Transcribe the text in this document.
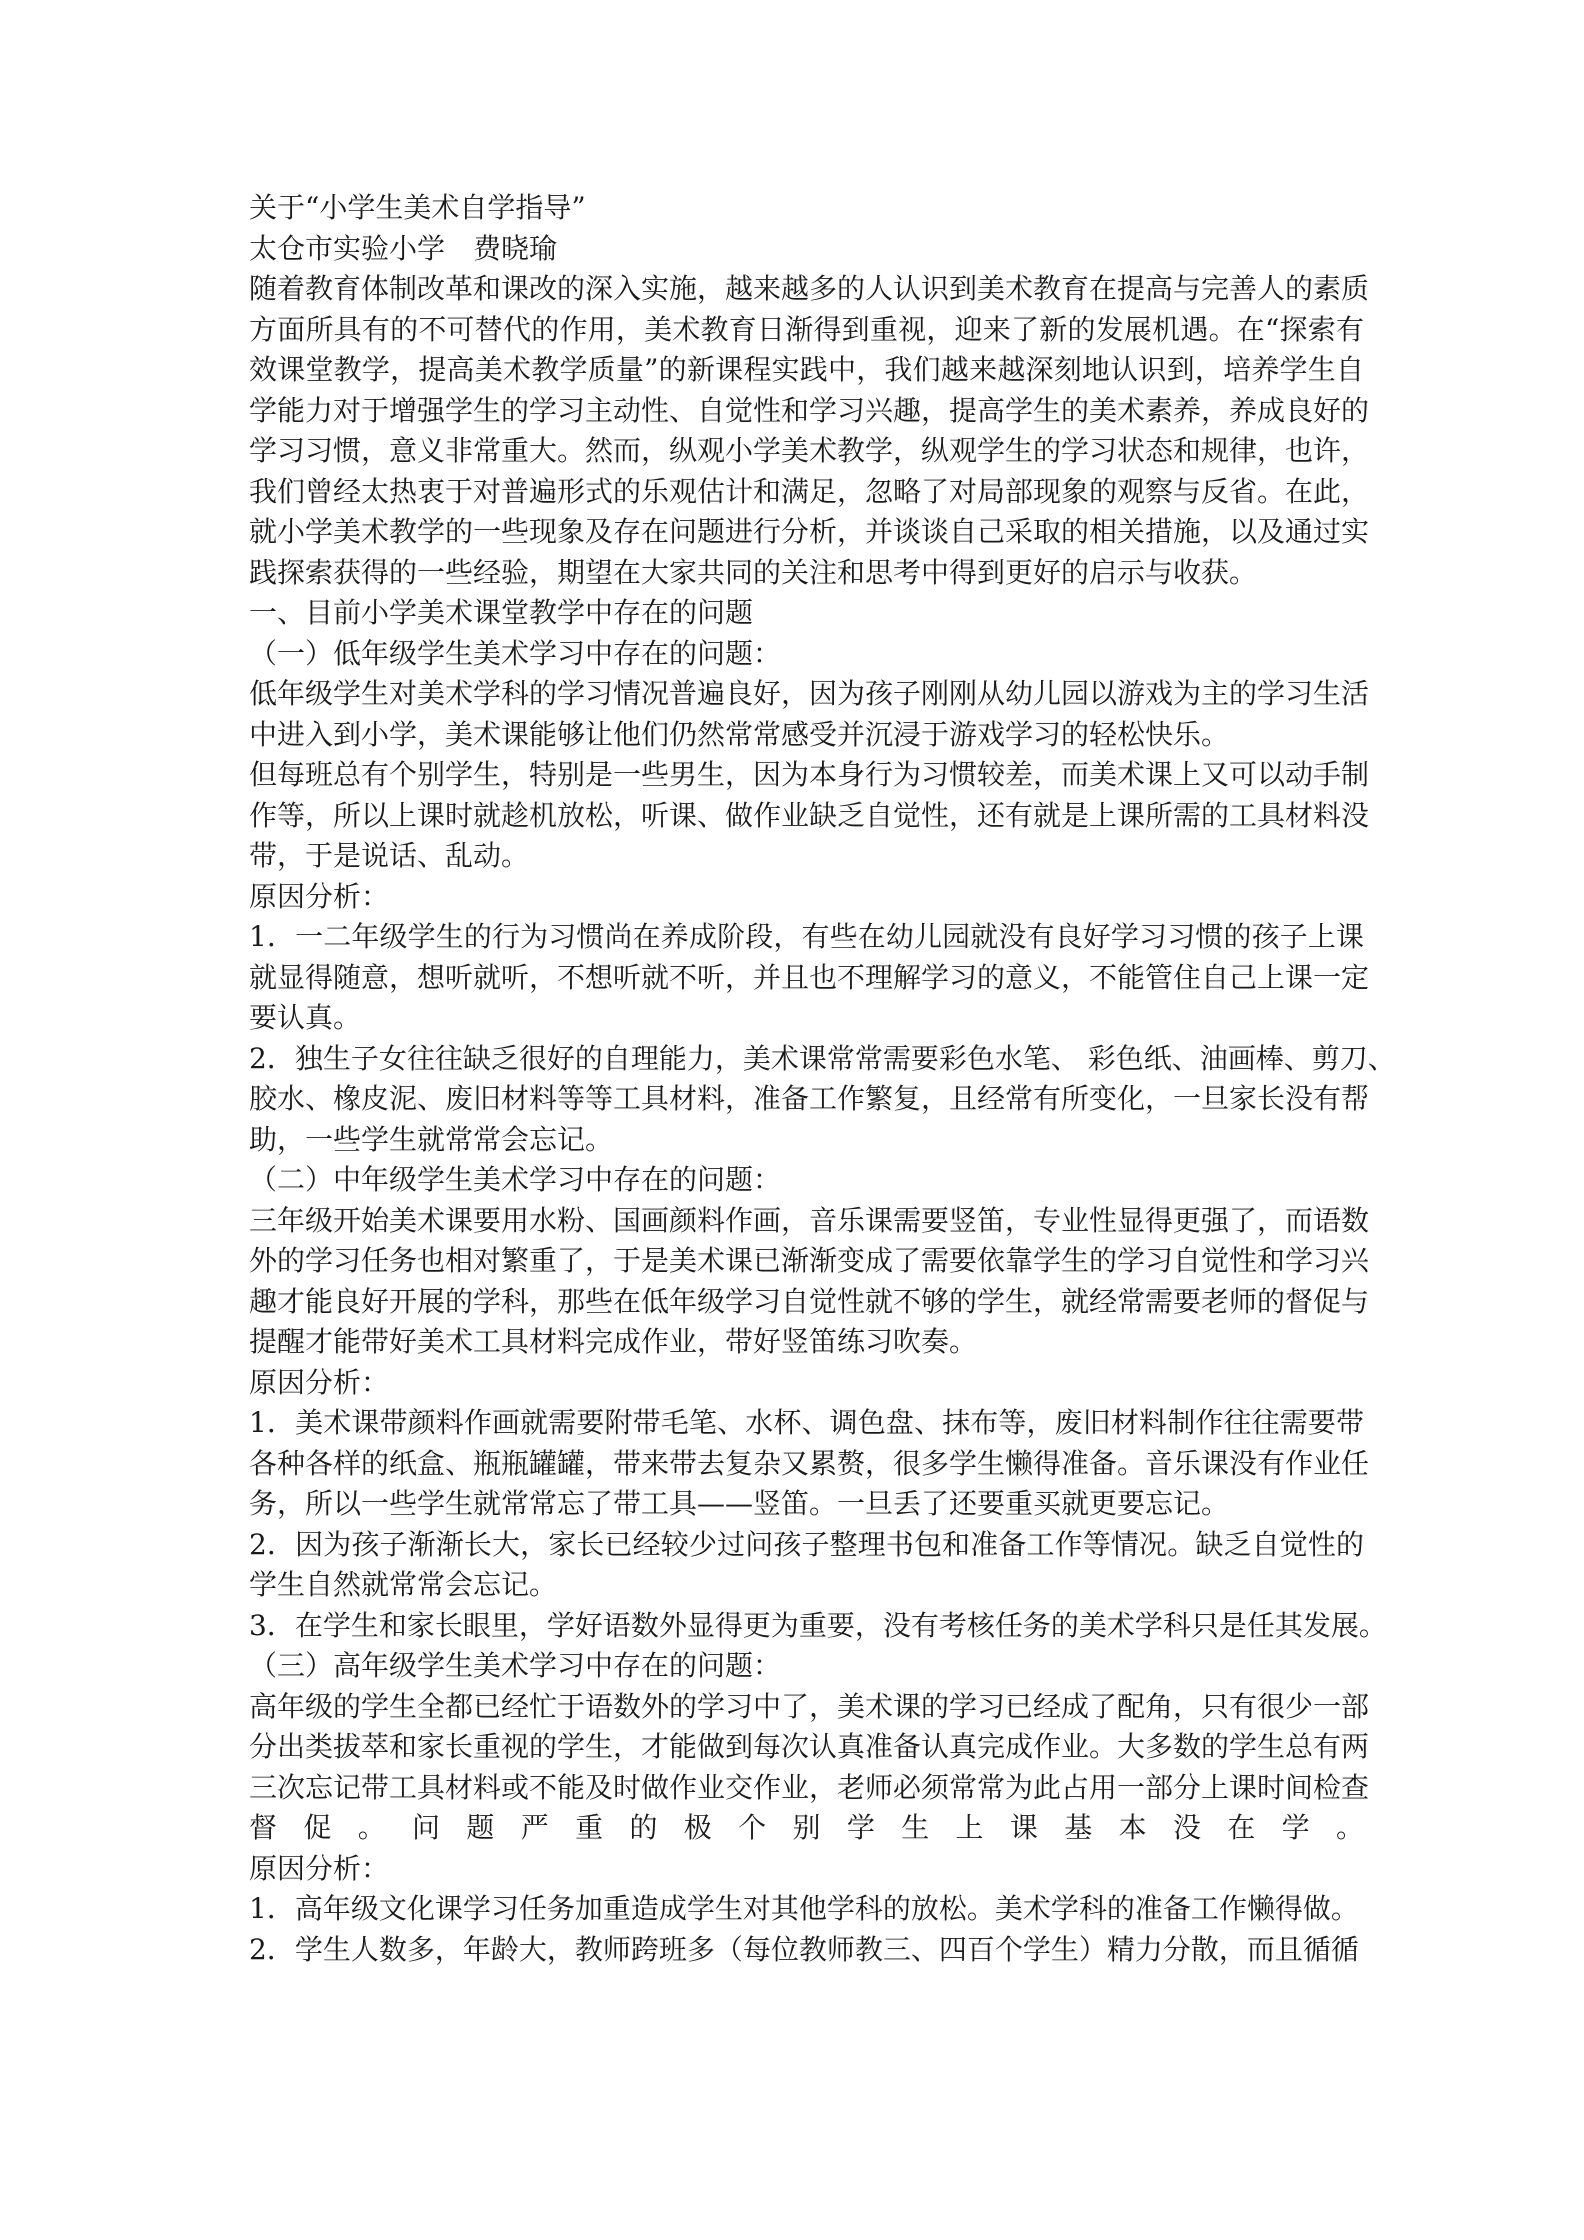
关于“小学生美术自学指导”
太仓市实验小学　费晓瑜
随着教育体制改革和课改的深入实施，越来越多的人认识到美术教育在提高与完善人的素质
方面所具有的不可替代的作用，美术教育日渐得到重视，迎来了新的发展机遇。在“探索有
效课堂教学，提高美术教学质量”的新课程实践中，我们越来越深刻地认识到，培养学生自
学能力对于增强学生的学习主动性、自觉性和学习兴趣，提高学生的美术素养，养成良好的
学习习惯，意义非常重大。然而，纵观小学美术教学，纵观学生的学习状态和规律，也许，
我们曾经太热衷于对普遍形式的乐观估计和满足，忽略了对局部现象的观察与反省。在此，
就小学美术教学的一些现象及存在问题进行分析，并谈谈自己采取的相关措施，以及通过实
践探索获得的一些经验，期望在大家共同的关注和思考中得到更好的启示与收获。
一、目前小学美术课堂教学中存在的问题
（一）低年级学生美术学习中存在的问题：
低年级学生对美术学科的学习情况普遍良好，因为孩子刚刚从幼儿园以游戏为主的学习生活
中进入到小学，美术课能够让他们仍然常常感受并沉浸于游戏学习的轻松快乐。
但每班总有个别学生，特别是一些男生，因为本身行为习惯较差，而美术课上又可以动手制
作等，所以上课时就趁机放松，听课、做作业缺乏自觉性，还有就是上课所需的工具材料没
带，于是说话、乱动。
原因分析：
1．一二年级学生的行为习惯尚在养成阶段，有些在幼儿园就没有良好学习习惯的孩子上课
就显得随意，想听就听，不想听就不听，并且也不理解学习的意义，不能管住自己上课一定
要认真。
2．独生子女往往缺乏很好的自理能力，美术课常常需要彩色水笔、 彩色纸、油画棒、剪刀、
胶水、橡皮泥、废旧材料等等工具材料，准备工作繁复，且经常有所变化，一旦家长没有帮
助，一些学生就常常会忘记。
（二）中年级学生美术学习中存在的问题：
三年级开始美术课要用水粉、国画颜料作画，音乐课需要竖笛，专业性显得更强了，而语数
外的学习任务也相对繁重了，于是美术课已渐渐变成了需要依靠学生的学习自觉性和学习兴
趣才能良好开展的学科，那些在低年级学习自觉性就不够的学生，就经常需要老师的督促与
提醒才能带好美术工具材料完成作业，带好竖笛练习吹奏。
原因分析：
1．美术课带颜料作画就需要附带毛笔、水杯、调色盘、抹布等，废旧材料制作往往需要带
各种各样的纸盒、瓶瓶罐罐，带来带去复杂又累赘，很多学生懒得准备。音乐课没有作业任
务，所以一些学生就常常忘了带工具——竖笛。一旦丢了还要重买就更要忘记。
2．因为孩子渐渐长大，家长已经较少过问孩子整理书包和准备工作等情况。缺乏自觉性的
学生自然就常常会忘记。
3．在学生和家长眼里，学好语数外显得更为重要，没有考核任务的美术学科只是任其发展。
（三）高年级学生美术学习中存在的问题：
高年级的学生全都已经忙于语数外的学习中了，美术课的学习已经成了配角，只有很少一部
分出类拔萃和家长重视的学生，才能做到每次认真准备认真完成作业。大多数的学生总有两
三次忘记带工具材料或不能及时做作业交作业，老师必须常常为此占用一部分上课时间检查
督促。问题严重的极个别学生上课基本没在学。
原因分析：
1．高年级文化课学习任务加重造成学生对其他学科的放松。美术学科的准备工作懒得做。
2．学生人数多，年龄大，教师跨班多（每位教师教三、四百个学生）精力分散，而且循循
